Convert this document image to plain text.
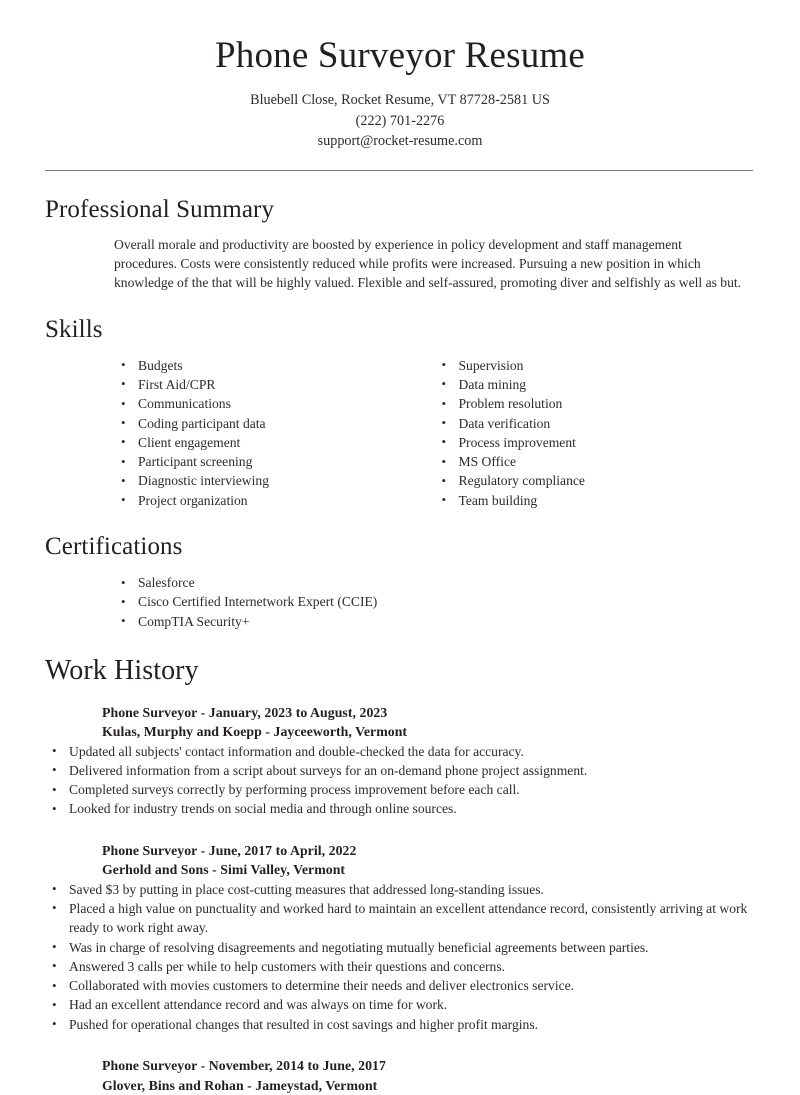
Phone Surveyor Resume
Bluebell Close, Rocket Resume, VT 87728-2581 US
(222) 701-2276
support@rocket-resume.com
Professional Summary

Overall morale and productivity are boosted by experience in policy development and staff management procedures. Costs were consistently reduced while profits were increased. Pursuing a new position in which knowledge of the that will be highly valued. Flexible and self-assured, promoting diver and selfishly as well as but.

Skills
• Budgets
• First Aid/CPR
• Communications
• Coding participant data
• Client engagement
• Participant screening
• Diagnostic interviewing
• Project organization
• Supervision
• Data mining
• Problem resolution
• Data verification
• Process improvement
• MS Office
• Regulatory compliance
• Team building
Certifications
• Salesforce
• Cisco Certified Internetwork Expert (CCIE)
• CompTIA Security+
Work History
Phone Surveyor - January, 2023 to August, 2023
Kulas, Murphy and Koepp - Jayceeworth, Vermont
• Updated all subjects' contact information and double-checked the data for accuracy.
• Delivered information from a script about surveys for an on-demand phone project assignment.
• Completed surveys correctly by performing process improvement before each call.
• Looked for industry trends on social media and through online sources.
Phone Surveyor - June, 2017 to April, 2022
Gerhold and Sons - Simi Valley, Vermont
• Saved $3 by putting in place cost-cutting measures that addressed long-standing issues.
• Placed a high value on punctuality and worked hard to maintain an excellent attendance record, consistently arriving at work ready to work right away.
• Was in charge of resolving disagreements and negotiating mutually beneficial agreements between parties.
• Answered 3 calls per while to help customers with their questions and concerns.
• Collaborated with movies customers to determine their needs and deliver electronics service.
• Had an excellent attendance record and was always on time for work.
• Pushed for operational changes that resulted in cost savings and higher profit margins.
Phone Surveyor - November, 2014 to June, 2017
Glover, Bins and Rohan - Jameystad, Vermont
